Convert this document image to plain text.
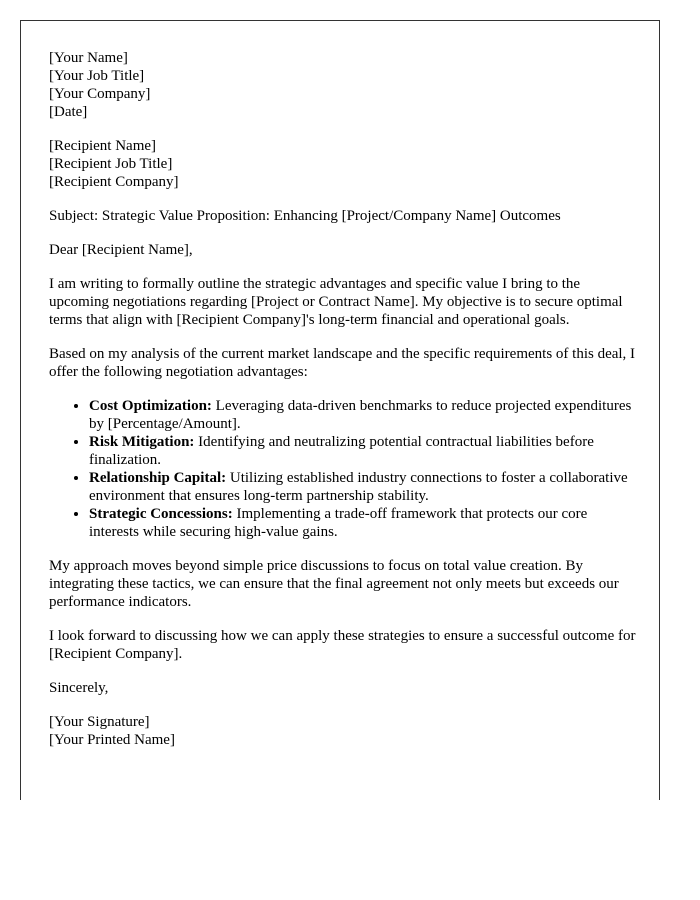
[Your Name]
[Your Job Title]
[Your Company]
[Date]
[Recipient Name]
[Recipient Job Title]
[Recipient Company]

Subject: Strategic Value Proposition: Enhancing [Project/Company Name] Outcomes

Dear [Recipient Name],

I am writing to formally outline the strategic advantages and specific value I bring to the upcoming negotiations regarding [Project or Contract Name]. My objective is to secure optimal terms that align with [Recipient Company]'s long-term financial and operational goals.

Based on my analysis of the current market landscape and the specific requirements of this deal, I offer the following negotiation advantages:

• Cost Optimization: Leveraging data-driven benchmarks to reduce projected expenditures by [Percentage/Amount].
• Risk Mitigation: Identifying and neutralizing potential contractual liabilities before finalization.
• Relationship Capital: Utilizing established industry connections to foster a collaborative environment that ensures long-term partnership stability.
• Strategic Concessions: Implementing a trade-off framework that protects our core interests while securing high-value gains.

My approach moves beyond simple price discussions to focus on total value creation. By integrating these tactics, we can ensure that the final agreement not only meets but exceeds our performance indicators.

I look forward to discussing how we can apply these strategies to ensure a successful outcome for [Recipient Company].

Sincerely,

[Your Signature]
[Your Printed Name]
